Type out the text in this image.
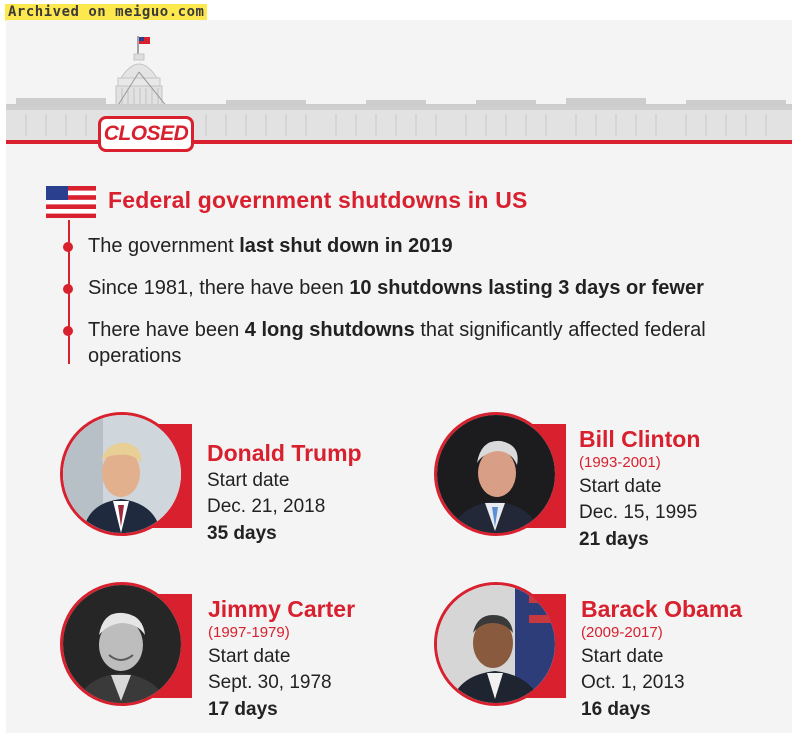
Archived on meiguo.com
CLOSED
Federal government shutdowns in US
The government last shut down in 2019
Since 1981, there have been 10 shutdowns lasting 3 days or fewer
There have been 4 long shutdowns that significantly affected federal operations
Donald Trump
Start date
Dec. 21, 2018
35 days
Bill Clinton
(1993-2001)
Start date
Dec. 15, 1995
21 days
Jimmy Carter
(1997-1979)
Start date
Sept. 30, 1978
17 days
Barack Obama
(2009-2017)
Start date
Oct. 1, 2013
16 days
